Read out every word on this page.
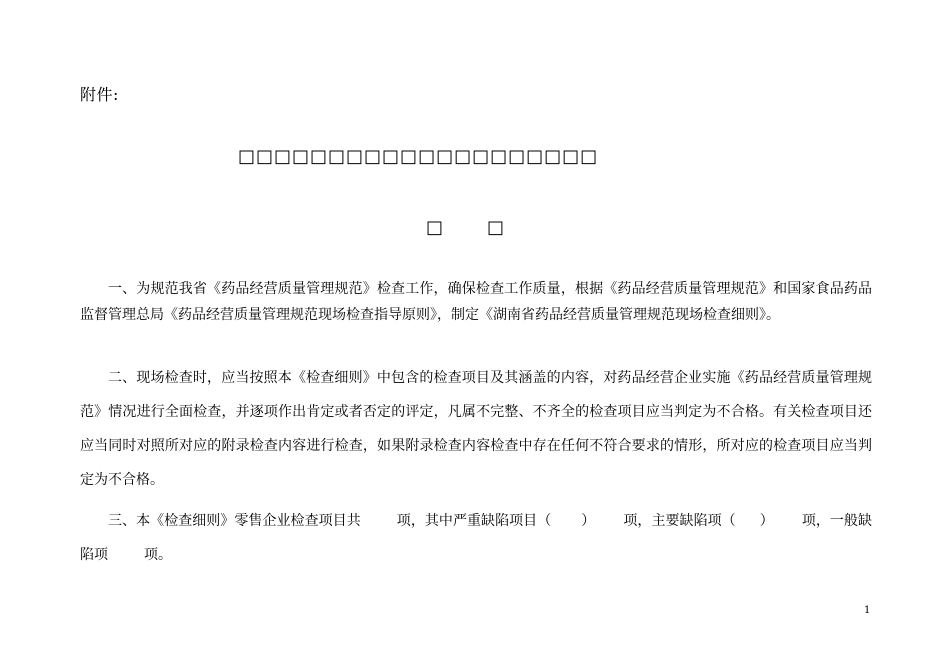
附件:
□□□□□□□□□□□□□□□□□□□□
□□

一、为规范我省《药品经营质量管理规范》检查工作，确保检查工作质量，根据《药品经营质量管理规范》和国家食品药品监督管理总局《药品经营质量管理规范现场检查指导原则》，制定《湖南省药品经营质量管理规范现场检查细则》。

二、现场检查时，应当按照本《检查细则》中包含的检查项目及其涵盖的内容，对药品经营企业实施《药品经营质量管理规范》情况进行全面检查，并逐项作出肯定或者否定的评定，凡属不完整、不齐全的检查项目应当判定为不合格。有关检查项目还应当同时对照所对应的附录检查内容进行检查，如果附录检查内容检查中存在任何不符合要求的情形，所对应的检查项目应当判定为不合格。

三、本《检查细则》零售企业检查项目共	项，其中严重缺陷项目（ ） 项，主要缺陷项（ ） 项，一般缺陷项	项。

1
